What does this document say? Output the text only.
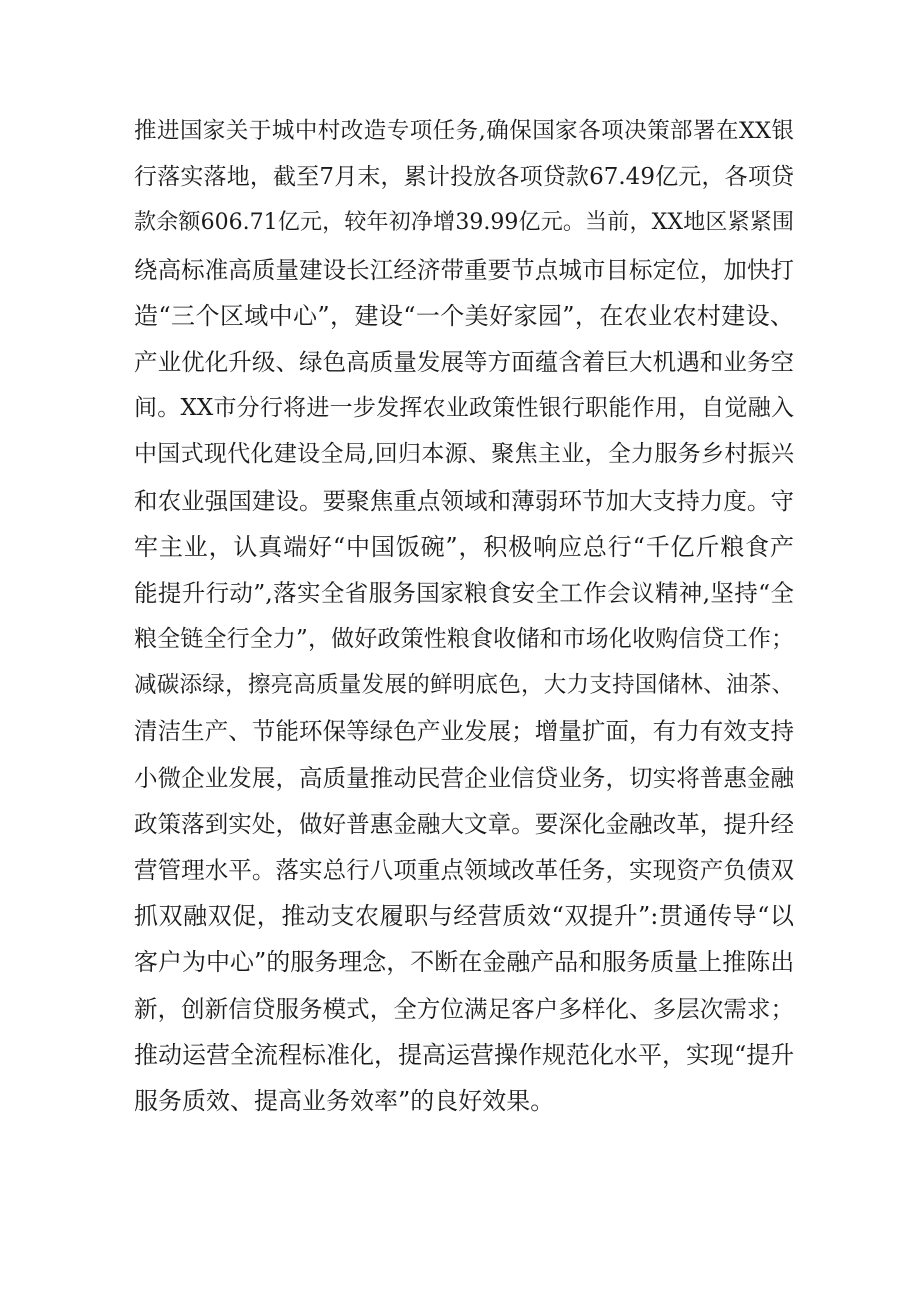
推进国家关于城中村改造专项任务,确保国家各项决策部署在XX银
行落实落地，截至7月末，累计投放各项贷款67.49亿元，各项贷
款余额606.71亿元，较年初净增39.99亿元。当前，XX地区紧紧围
绕高标准高质量建设长江经济带重要节点城市目标定位，加快打
造“三个区域中心”，建设“一个美好家园”，在农业农村建设、
产业优化升级、绿色高质量发展等方面蕴含着巨大机遇和业务空
间。XX市分行将进一步发挥农业政策性银行职能作用，自觉融入
中国式现代化建设全局,回归本源、聚焦主业，全力服务乡村振兴
和农业强国建设。要聚焦重点领域和薄弱环节加大支持力度。守
牢主业，认真端好“中国饭碗”，积极响应总行“千亿斤粮食产
能提升行动”,落实全省服务国家粮食安全工作会议精神,坚持“全
粮全链全行全力”，做好政策性粮食收储和市场化收购信贷工作；
减碳添绿，擦亮高质量发展的鲜明底色，大力支持国储林、油茶、
清洁生产、节能环保等绿色产业发展；增量扩面，有力有效支持
小微企业发展，高质量推动民营企业信贷业务，切实将普惠金融
政策落到实处，做好普惠金融大文章。要深化金融改革，提升经
营管理水平。落实总行八项重点领域改革任务，实现资产负债双
抓双融双促，推动支农履职与经营质效“双提升”:贯通传导“以
客户为中心”的服务理念，不断在金融产品和服务质量上推陈出
新，创新信贷服务模式，全方位满足客户多样化、多层次需求；
推动运营全流程标准化，提高运营操作规范化水平，实现“提升
服务质效、提高业务效率”的良好效果。
